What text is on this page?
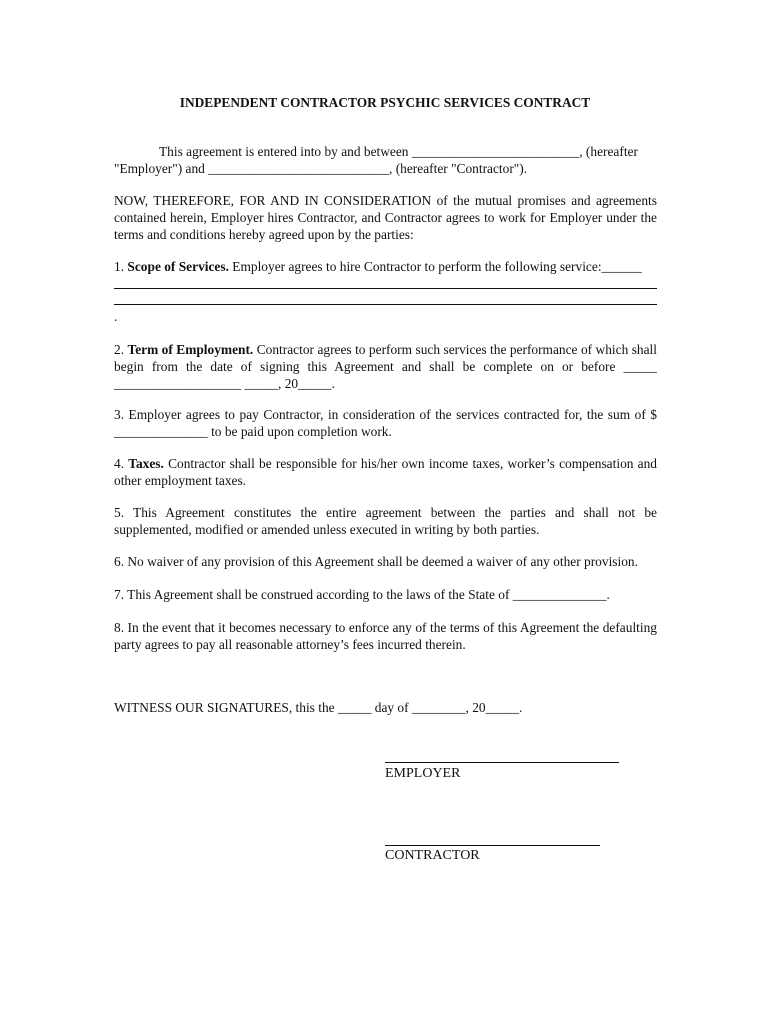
INDEPENDENT CONTRACTOR PSYCHIC SERVICES CONTRACT
This agreement is entered into by and between _________________________, (hereafter
"Employer") and ___________________________, (hereafter "Contractor").

NOW, THEREFORE, FOR AND IN CONSIDERATION of the mutual promises and agreements contained herein, Employer hires Contractor, and Contractor agrees to work for Employer under the terms and conditions hereby agreed upon by the parties:

1. Scope of Services. Employer agrees to hire Contractor to perform the following service:______

.

2. Term of Employment. Contractor agrees to perform such services the performance of which shall begin from the date of signing this Agreement and shall be complete on or before _____ ___________________ _____, 20_____.

3. Employer agrees to pay Contractor, in consideration of the services contracted for, the sum of $ ______________ to be paid upon completion work.

4. Taxes. Contractor shall be responsible for his/her own income taxes, worker’s compensation and other employment taxes.

5. This Agreement constitutes the entire agreement between the parties and shall not be supplemented, modified or amended unless executed in writing by both parties.

6. No waiver of any provision of this Agreement shall be deemed a waiver of any other provision.

7. This Agreement shall be construed according to the laws of the State of ______________.

8. In the event that it becomes necessary to enforce any of the terms of this Agreement the defaulting party agrees to pay all reasonable attorney’s fees incurred therein.

WITNESS OUR SIGNATURES, this the _____ day of ________, 20_____.

EMPLOYER
CONTRACTOR
